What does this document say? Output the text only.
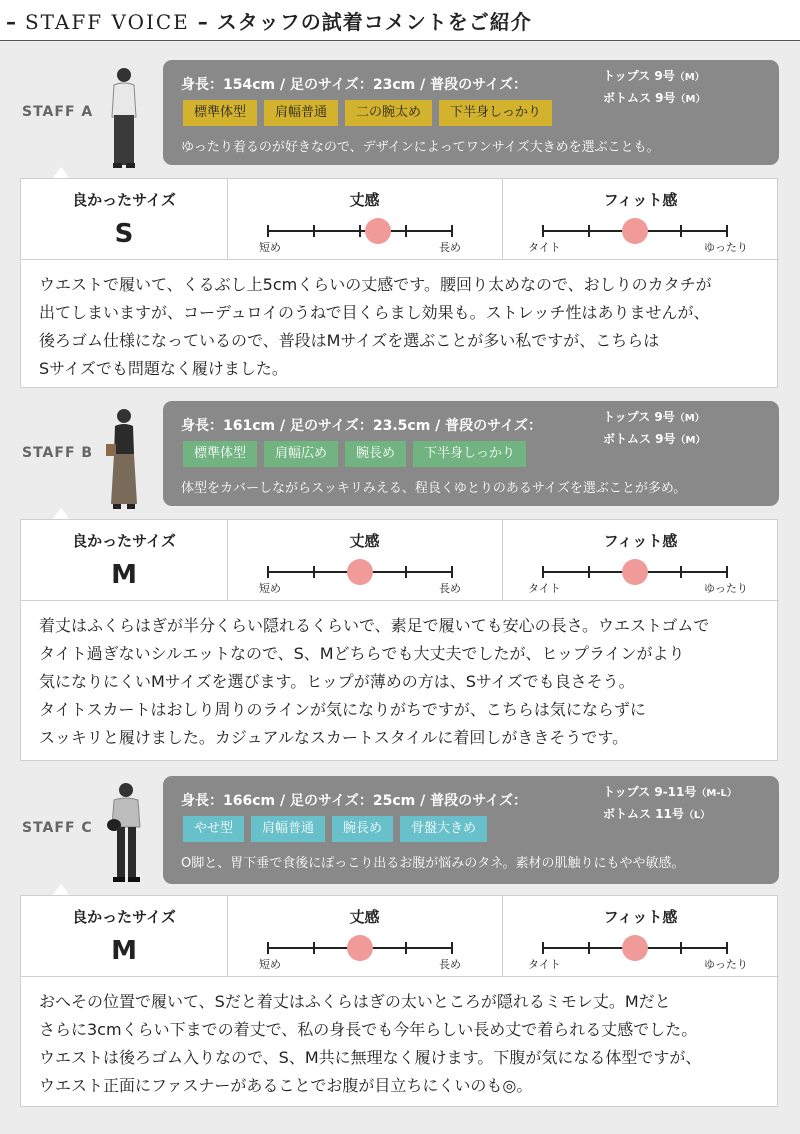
– STAFF VOICE – スタッフの試着コメントをご紹介
STAFF A
身長：154cm / 足のサイズ：23cm / 普段のサイズ：
トップス 9号（M）
ボトムス 9号（M）
標準体型 肩幅普通 二の腕太め 下半身しっかり
ゆったり着るのが好きなので、デザインによってワンサイズ大きめを選ぶことも。
良かったサイズ
S
丈感
短め	長め
フィット感
タイト	ゆったり
ウエストで履いて、くるぶし上5cmくらいの丈感です。腰回り太めなので、おしりのカタチが
出てしまいますが、コーデュロイのうねで目くらまし効果も。ストレッチ性はありませんが、
後ろゴム仕様になっているので、普段はMサイズを選ぶことが多い私ですが、こちらは
Sサイズでも問題なく履けました。
STAFF B
身長：161cm / 足のサイズ：23.5cm / 普段のサイズ：
トップス 9号（M）
ボトムス 9号（M）
標準体型 肩幅広め 腕長め 下半身しっかり
体型をカバーしながらスッキリみえる、程良くゆとりのあるサイズを選ぶことが多め。
良かったサイズ
M
丈感
短め	長め
フィット感
タイト	ゆったり
着丈はふくらはぎが半分くらい隠れるくらいで、素足で履いても安心の長さ。ウエストゴムで
タイト過ぎないシルエットなので、S、Mどちらでも大丈夫でしたが、ヒップラインがより
気になりにくいMサイズを選びます。ヒップが薄めの方は、Sサイズでも良さそう。
タイトスカートはおしり周りのラインが気になりがちですが、こちらは気にならずに
スッキリと履けました。カジュアルなスカートスタイルに着回しがききそうです。
STAFF C
身長：166cm / 足のサイズ：25cm / 普段のサイズ：
トップス 9-11号（M-L）
ボトムス 11号（L）
やせ型 肩幅普通 腕長め 骨盤大きめ
O脚と、胃下垂で食後にぽっこり出るお腹が悩みのタネ。素材の肌触りにもやや敏感。
良かったサイズ
M
丈感
短め	長め
フィット感
タイト	ゆったり
おへその位置で履いて、Sだと着丈はふくらはぎの太いところが隠れるミモレ丈。Mだと
さらに3cmくらい下までの着丈で、私の身長でも今年らしい長め丈で着られる丈感でした。
ウエストは後ろゴム入りなので、S、M共に無理なく履けます。下腹が気になる体型ですが、
ウエスト正面にファスナーがあることでお腹が目立ちにくいのも◎。
